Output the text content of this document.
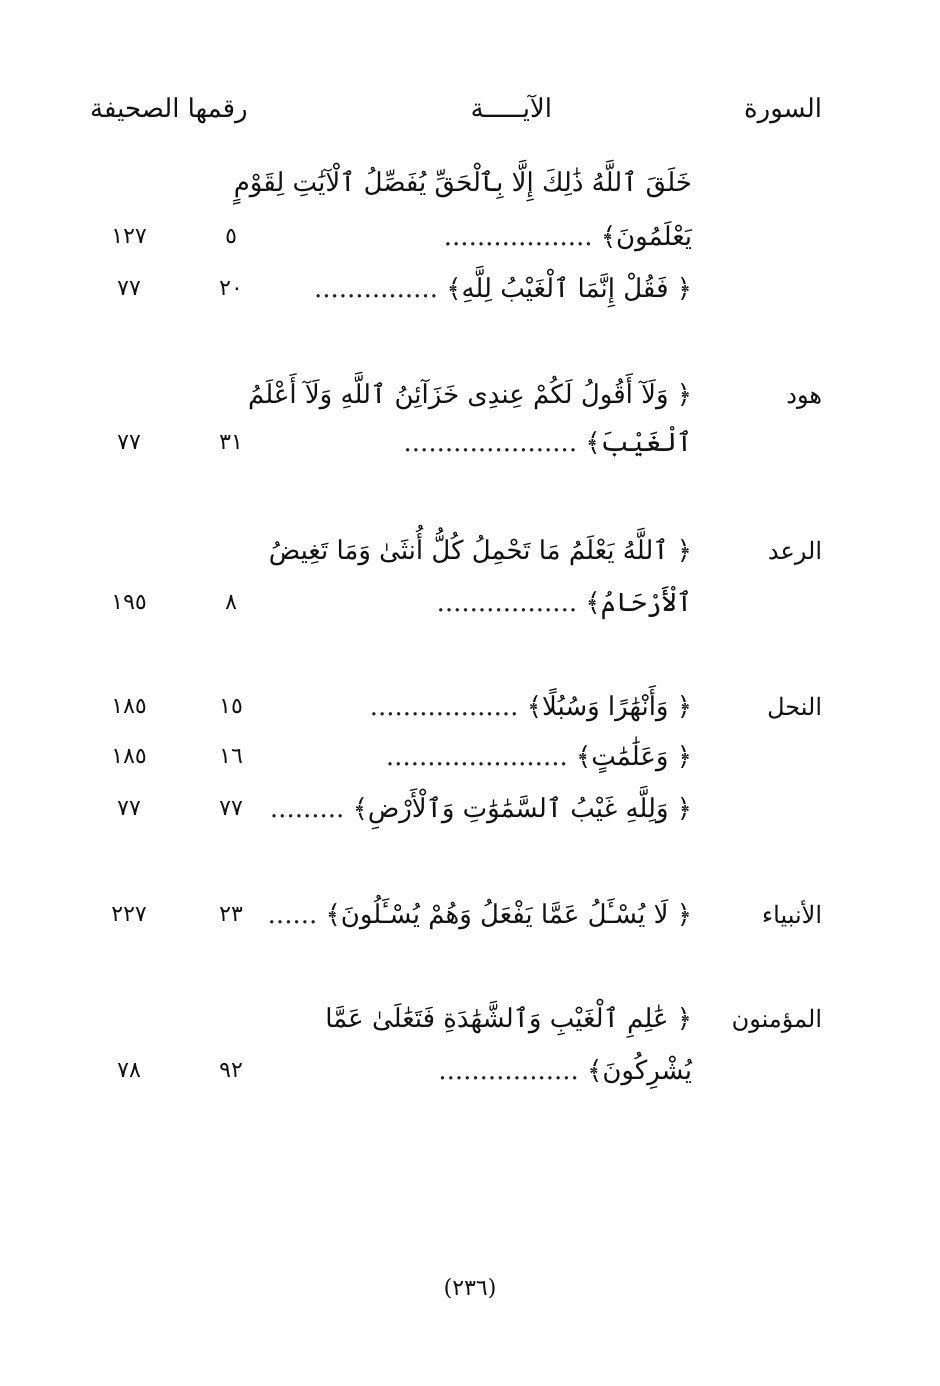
السورة
الآيـــــة
رقمها الصحيفة
خَلَقَ ٱللَّهُ ذَٰلِكَ إِلَّا بِٱلْحَقِّ يُفَصِّلُ ٱلْآيَٰتِ لِقَوْمٍ
يَعْلَمُونَ﴾ ..................
٥
١٢٧
﴿ فَقُلْ إِنَّمَا ٱلْغَيْبُ لِلَّهِ﴾ ...............
٢٠
٧٧
هود
﴿ وَلَآ أَقُولُ لَكُمْ عِندِى خَزَآئِنُ ٱللَّهِ وَلَآ أَعْلَمُ
ٱلْغَيْبَ﴾ .....................
٣١
٧٧
الرعد
﴿ ٱللَّهُ يَعْلَمُ مَا تَحْمِلُ كُلُّ أُنثَىٰ وَمَا تَغِيضُ
ٱلْأَرْحَامُ﴾ .................
٨
١٩٥
النحل
﴿ وَأَنْهَٰرًا وَسُبُلًا﴾ ..................
١٥
١٨٥
﴿ وَعَلَٰمَٰتٍ﴾ ......................
١٦
١٨٥
﴿ وَلِلَّهِ غَيْبُ ٱلسَّمَٰوَٰتِ وَٱلْأَرْضِ﴾ .........
٧٧
٧٧
الأنبياء
﴿ لَا يُسْـَٔلُ عَمَّا يَفْعَلُ وَهُمْ يُسْـَٔلُونَ﴾ ......
٢٣
٢٢٧
المؤمنون
﴿ عَٰلِمِ ٱلْغَيْبِ وَٱلشَّهَٰدَةِ فَتَعَٰلَىٰ عَمَّا
يُشْرِكُونَ﴾ .................
٩٢
٧٨
(٢٣٦)
